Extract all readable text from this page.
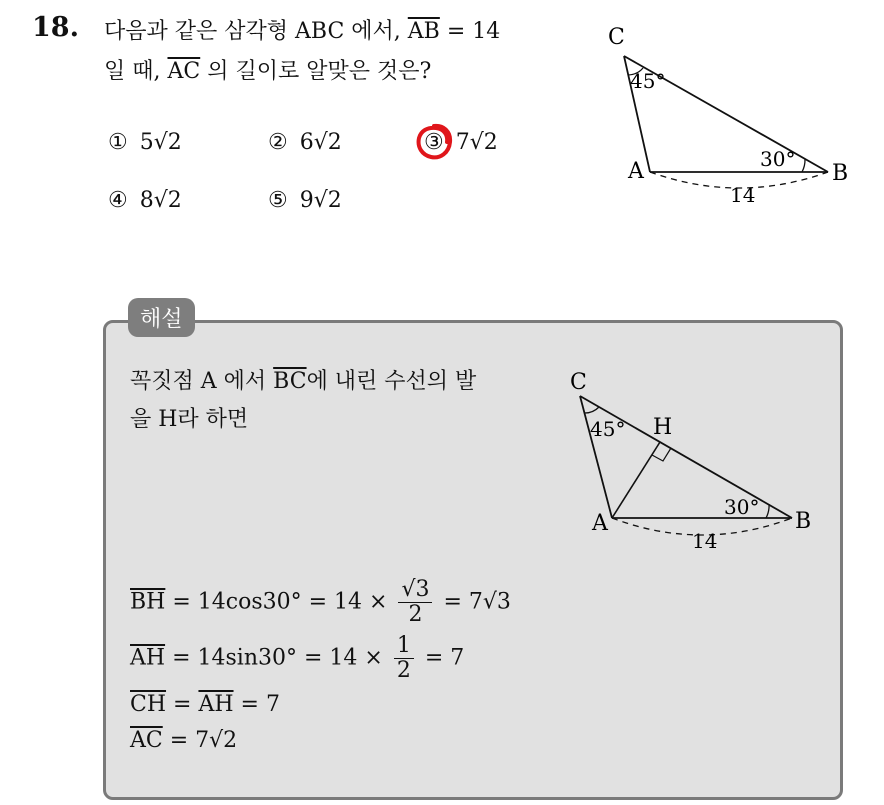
18. 다음과 같은 삼각형 ABC 에서, $\overline{AB} = 14$
일 때, $\overline{AC}$ 의 길이로 알맞은 것은?
① 5√2	② 6√2	③ 7√2
④ 8√2	⑤ 9√2
C
A	B
45°
30°
14
해설
꼭짓점 A 에서 $\overline{BC}$에 내린 수선의 발
을 H라 하면
C
A	B
H
45°
30°
14
$\overline{BH} = 14\cos 30^\circ = 14 \times \frac{√3}{2} = 7√3$
$\overline{AH} = 14\sin 30^\circ = 14 \times \frac{1}{2} = 7$
$\overline{CH} = \overline{AH} = 7$
$\overline{AC} = 7√2$
